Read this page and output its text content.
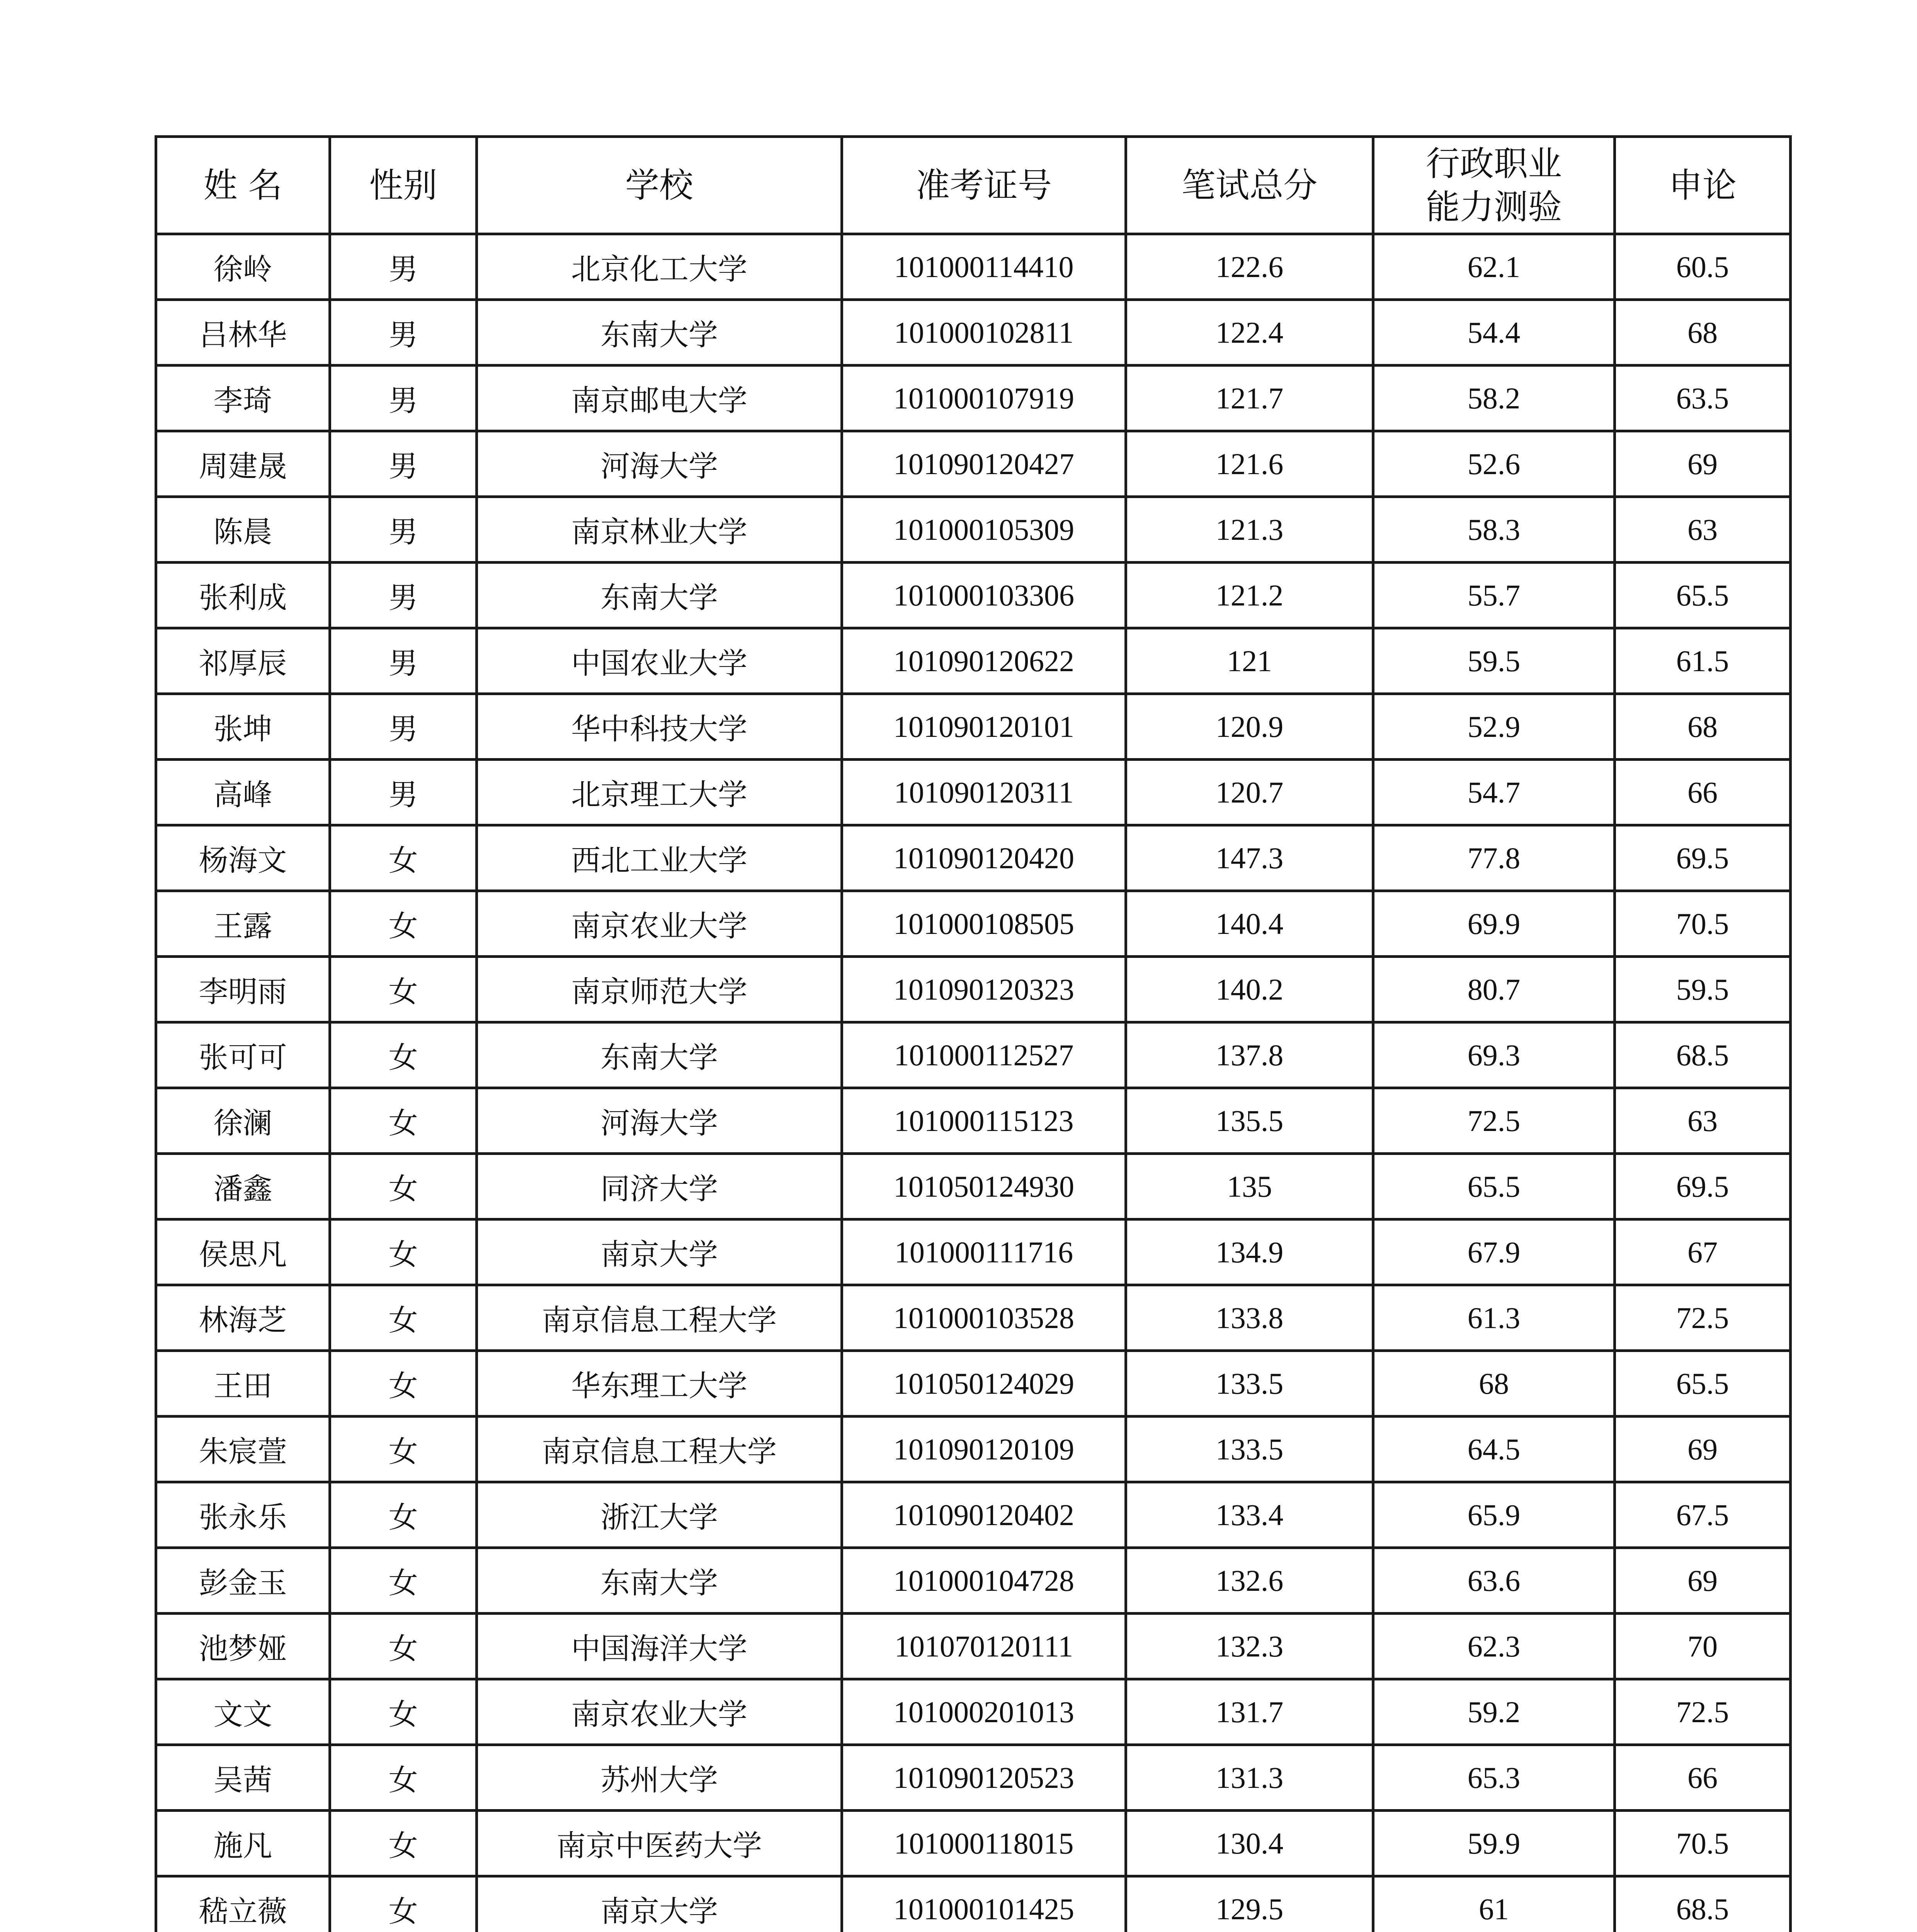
姓 名	性别	学校	准考证号	笔试总分	行政职业能力测验	申论
徐岭	男	北京化工大学	101000114410	122.6	62.1	60.5
吕林华	男	东南大学	101000102811	122.4	54.4	68
李琦	男	南京邮电大学	101000107919	121.7	58.2	63.5
周建晟	男	河海大学	101090120427	121.6	52.6	69
陈晨	男	南京林业大学	101000105309	121.3	58.3	63
张利成	男	东南大学	101000103306	121.2	55.7	65.5
祁厚辰	男	中国农业大学	101090120622	121	59.5	61.5
张坤	男	华中科技大学	101090120101	120.9	52.9	68
高峰	男	北京理工大学	101090120311	120.7	54.7	66
杨海文	女	西北工业大学	101090120420	147.3	77.8	69.5
王露	女	南京农业大学	101000108505	140.4	69.9	70.5
李明雨	女	南京师范大学	101090120323	140.2	80.7	59.5
张可可	女	东南大学	101000112527	137.8	69.3	68.5
徐澜	女	河海大学	101000115123	135.5	72.5	63
潘鑫	女	同济大学	101050124930	135	65.5	69.5
侯思凡	女	南京大学	101000111716	134.9	67.9	67
林海芝	女	南京信息工程大学	101000103528	133.8	61.3	72.5
王田	女	华东理工大学	101050124029	133.5	68	65.5
朱宸萱	女	南京信息工程大学	101090120109	133.5	64.5	69
张永乐	女	浙江大学	101090120402	133.4	65.9	67.5
彭金玉	女	东南大学	101000104728	132.6	63.6	69
池梦娅	女	中国海洋大学	101070120111	132.3	62.3	70
文文	女	南京农业大学	101000201013	131.7	59.2	72.5
吴茜	女	苏州大学	101090120523	131.3	65.3	66
施凡	女	南京中医药大学	101000118015	130.4	59.9	70.5
嵇立薇	女	南京大学	101000101425	129.5	61	68.5
